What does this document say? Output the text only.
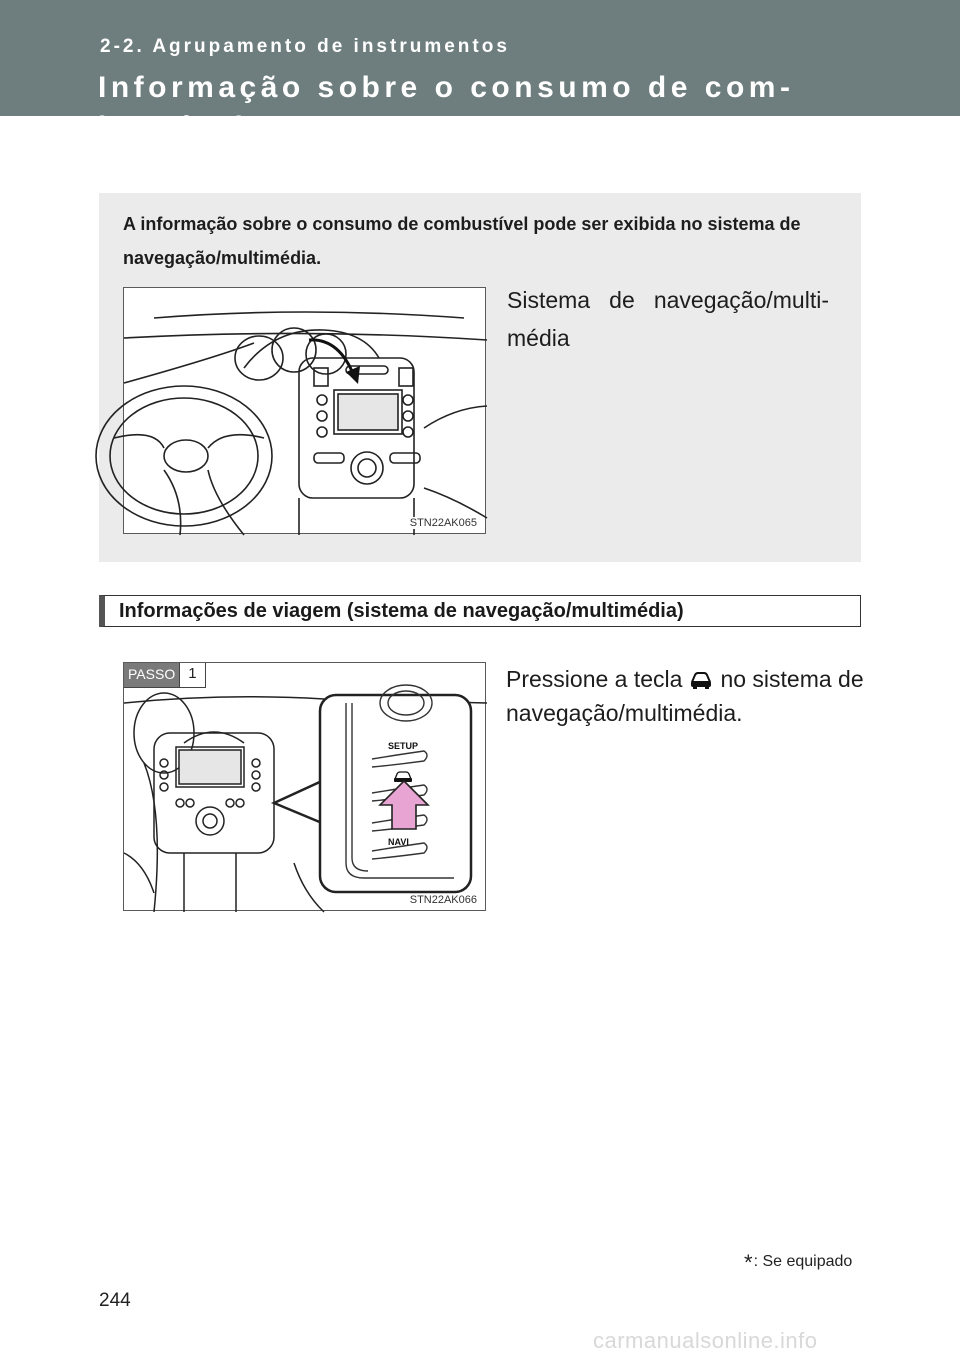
2-2. Agrupamento de instrumentos
Informação sobre o consumo de com-bustível*
A informação sobre o consumo de combustível pode ser exibida no sistema de navegação/multimédia.
STN22AK065
Sistema de navegação/multi-média
Informações de viagem (sistema de navegação/multimédia)
PASSO 1
SETUP
NAVI
STN22AK066
Pressione a tecla no sistema de navegação/multimédia.
*: Se equipado
244
carmanualsonline.info
